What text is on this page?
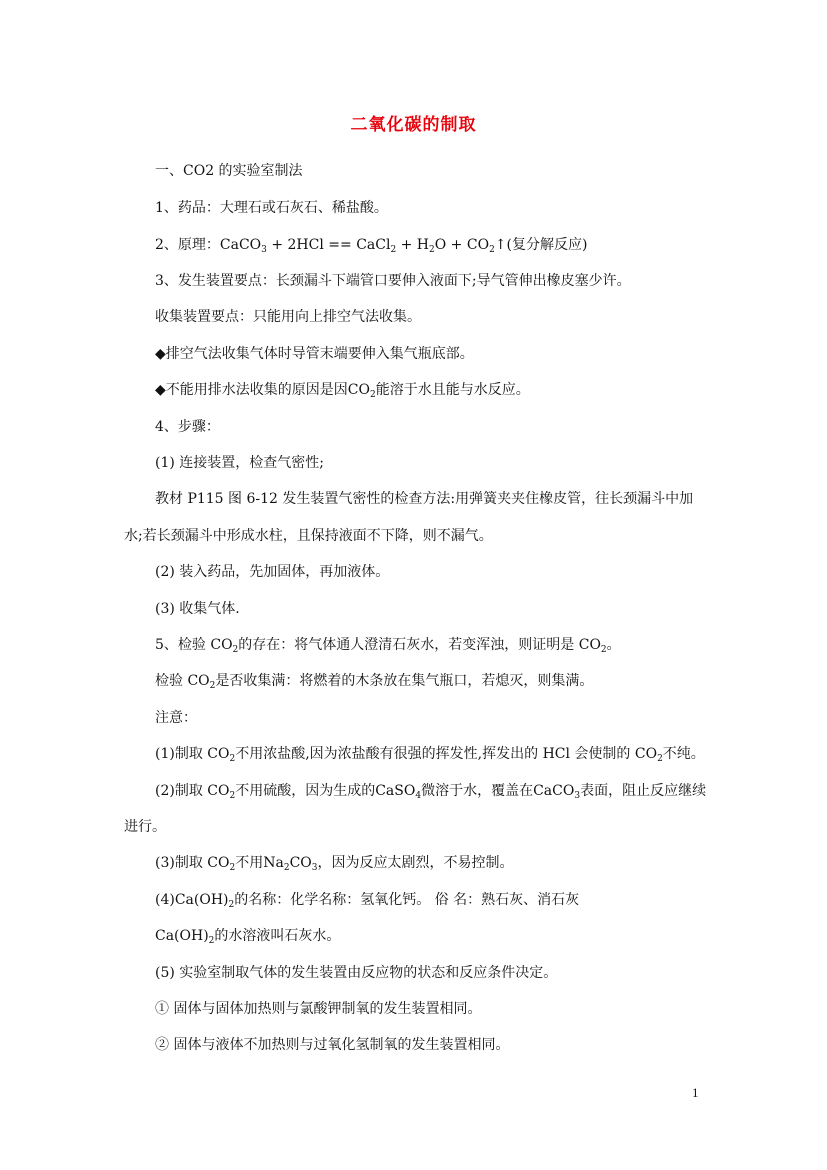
二氧化碳的制取
一、CO2 的实验室制法
1、药品：大理石或石灰石、稀盐酸。
2、原理：CaCO$_3$ + 2HCl == CaCl$_2$ + $H_2O$ + $CO_2↑$(复分解反应)
3、发生装置要点：长颈漏斗下端管口要伸入液面下;导气管伸出橡皮塞少许。
收集装置要点：只能用向上排空气法收集。
◆排空气法收集气体时导管末端要伸入集气瓶底部。
◆不能用排水法收集的原因是因$CO_2$能溶于水且能与水反应。
4、步骤：
(1) 连接装置，检查气密性;
教材 P115 图 6-12 发生装置气密性的检查方法:用弹簧夹夹住橡皮管，往长颈漏斗中加
水;若长颈漏斗中形成水柱，且保持液面不下降，则不漏气。
(2) 装入药品，先加固体，再加液体。
(3) 收集气体.
5、检验 $CO_2$的存在：将气体通人澄清石灰水，若变浑浊，则证明是 $CO_2$。
检验 $CO_2$是否收集满：将燃着的木条放在集气瓶口，若熄灭，则集满。
注意：
(1)制取 $CO_2$不用浓盐酸,因为浓盐酸有很强的挥发性,挥发出的 HCl 会使制的 $CO_2$不纯。
(2)制取 $CO_2$不用硫酸，因为生成的CaSO$_4$微溶于水，覆盖在CaCO$_3$表面，阻止反应继续
进行。
(3)制取 $CO_2$不用$Na_2CO_3$，因为反应太剧烈，不易控制。
$(4)Ca(OH)_2$的名称：化学名称：氢氧化钙。 俗 名：熟石灰、消石灰
$Ca(OH)_2$的水溶液叫石灰水。
(5) 实验室制取气体的发生装置由反应物的状态和反应条件决定。
① 固体与固体加热则与氯酸钾制氧的发生装置相同。
② 固体与液体不加热则与过氧化氢制氧的发生装置相同。
1
